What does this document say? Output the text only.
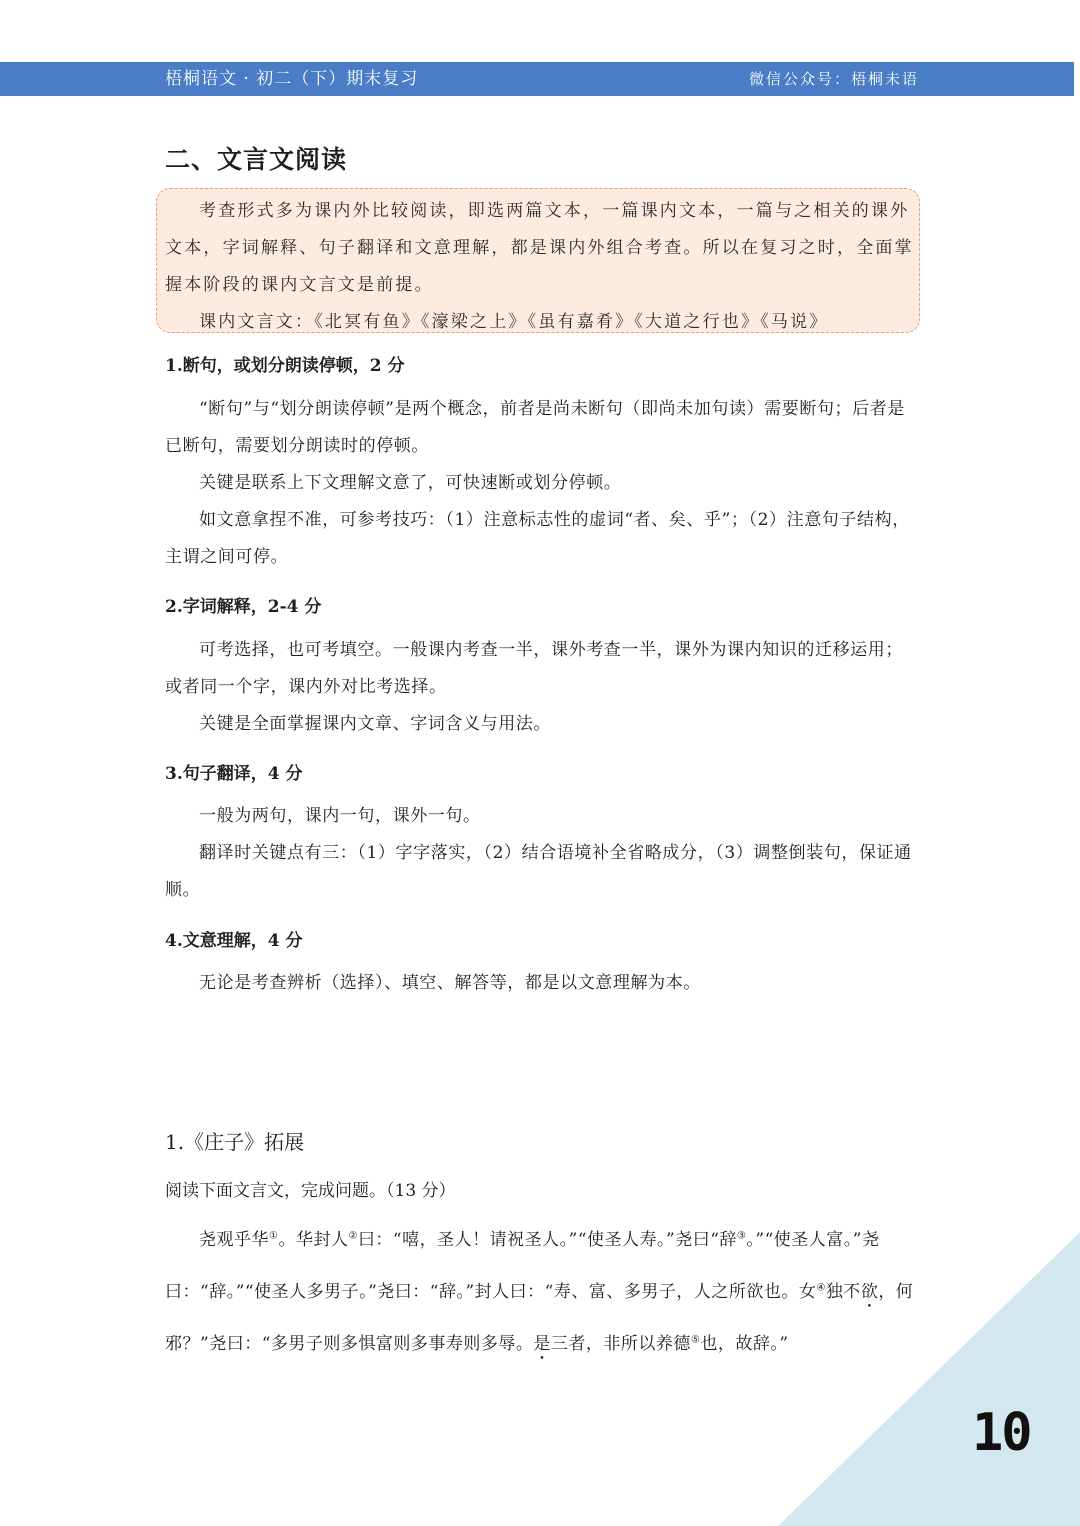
梧桐语文 · 初二（下）期末复习	微信公众号：梧桐未语
二、文言文阅读

考查形式多为课内外比较阅读，即选两篇文本，一篇课内文本，一篇与之相关的课外文本，字词解释、句子翻译和文意理解，都是课内外组合考查。所以在复习之时，全面掌握本阶段的课内文言文是前提。

课内文言文：《北冥有鱼》《濠梁之上》《虽有嘉肴》《大道之行也》《马说》

1.断句，或划分朗读停顿，2 分

“断句”与“划分朗读停顿”是两个概念，前者是尚未断句（即尚未加句读）需要断句；后者是已断句，需要划分朗读时的停顿。

关键是联系上下文理解文意了，可快速断或划分停顿。

如文意拿捏不准，可参考技巧：（1）注意标志性的虚词“者、矣、乎”；（2）注意句子结构，主谓之间可停。

2.字词解释，2-4 分

可考选择，也可考填空。一般课内考查一半，课外考查一半，课外为课内知识的迁移运用；或者同一个字，课内外对比考选择。

关键是全面掌握课内文章、字词含义与用法。

3.句子翻译，4 分

一般为两句，课内一句，课外一句。

翻译时关键点有三：（1）字字落实，（2）结合语境补全省略成分，（3）调整倒装句，保证通顺。

4.文意理解，4 分

无论是考查辨析（选择）、填空、解答等，都是以文意理解为本。

1.《庄子》拓展
阅读下面文言文，完成问题。（13 分）

尧观乎华①。华封人②曰：“嘻，圣人！请祝圣人。”“使圣人寿。”尧曰“辞③。”“使圣人富。”尧曰：“辞。”“使圣人多男子。”尧曰：“辞。”封人曰：“寿、富、多男子，人之所欲也。女④独不欲，何邪？”尧曰：“多男子则多惧富则多事寿则多辱。是三者，非所以养德⑤也，故辞。”

10
